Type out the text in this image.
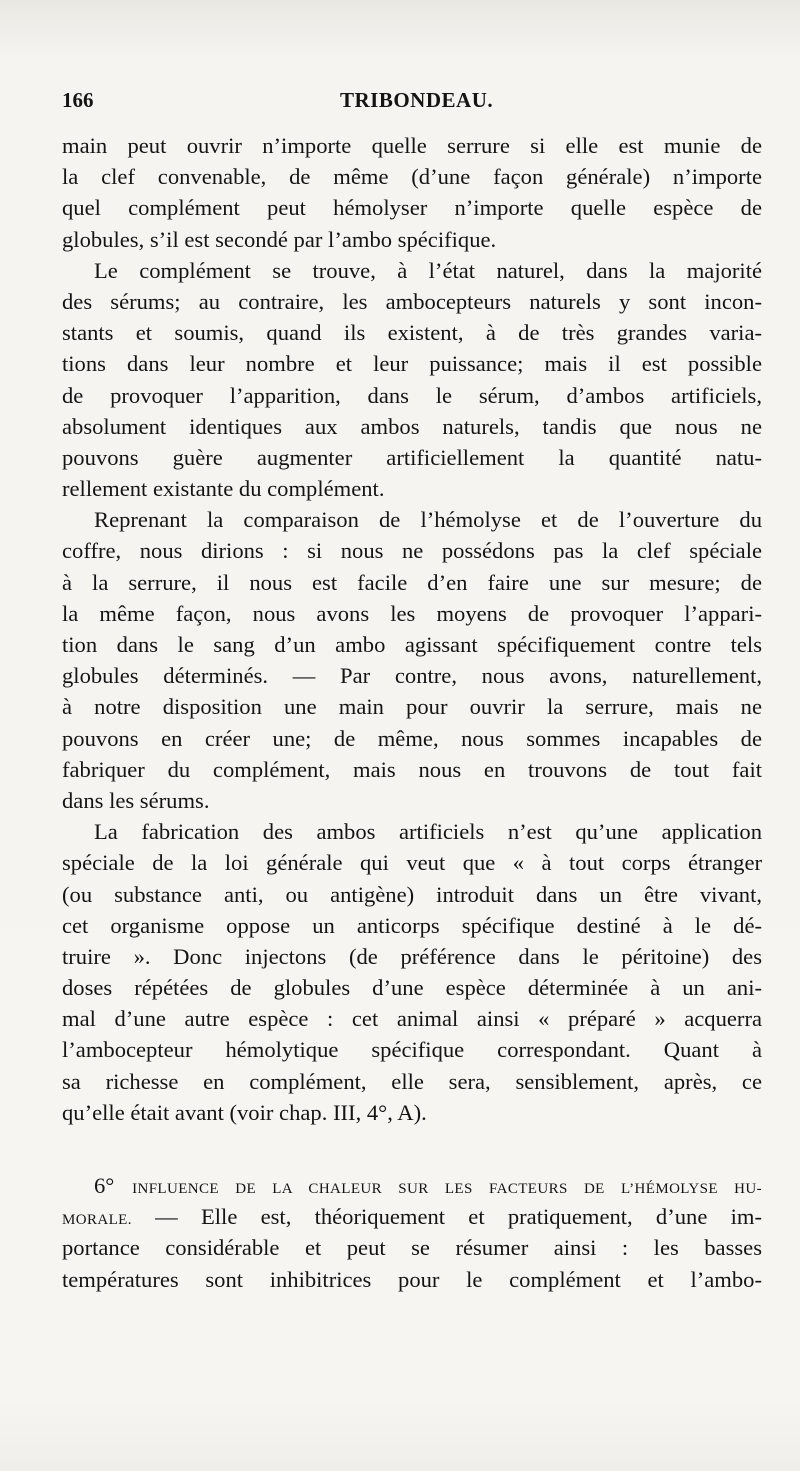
166	TRIBONDEAU.
main peut ouvrir n’importe quelle serrure si elle est munie de
la clef convenable, de même (d’une façon générale) n’importe
quel complément peut hémolyser n’importe quelle espèce de
globules, s’il est secondé par l’ambo spécifique.
Le complément se trouve, à l’état naturel, dans la majorité
des sérums; au contraire, les ambocepteurs naturels y sont incon-
stants et soumis, quand ils existent, à de très grandes varia-
tions dans leur nombre et leur puissance; mais il est possible
de provoquer l’apparition, dans le sérum, d’ambos artificiels,
absolument identiques aux ambos naturels, tandis que nous ne
pouvons guère augmenter artificiellement la quantité natu-
rellement existante du complément.
Reprenant la comparaison de l’hémolyse et de l’ouverture du
coffre, nous dirions : si nous ne possédons pas la clef spéciale
à la serrure, il nous est facile d’en faire une sur mesure; de
la même façon, nous avons les moyens de provoquer l’appari-
tion dans le sang d’un ambo agissant spécifiquement contre tels
globules déterminés. — Par contre, nous avons, naturellement,
à notre disposition une main pour ouvrir la serrure, mais ne
pouvons en créer une; de même, nous sommes incapables de
fabriquer du complément, mais nous en trouvons de tout fait
dans les sérums.
La fabrication des ambos artificiels n’est qu’une application
spéciale de la loi générale qui veut que « à tout corps étranger
(ou substance anti, ou antigène) introduit dans un être vivant,
cet organisme oppose un anticorps spécifique destiné à le dé-
truire ». Donc injectons (de préférence dans le péritoine) des
doses répétées de globules d’une espèce déterminée à un ani-
mal d’une autre espèce : cet animal ainsi « préparé » acquerra
l’ambocepteur hémolytique spécifique correspondant. Quant à
sa richesse en complément, elle sera, sensiblement, après, ce
qu’elle était avant (voir chap. III, 4°, A).
6° INFLUENCE DE LA CHALEUR SUR LES FACTEURS DE L’HÉMOLYSE HU-
MORALE. — Elle est, théoriquement et pratiquement, d’une im-
portance considérable et peut se résumer ainsi : les basses
températures sont inhibitrices pour le complément et l’ambo-
